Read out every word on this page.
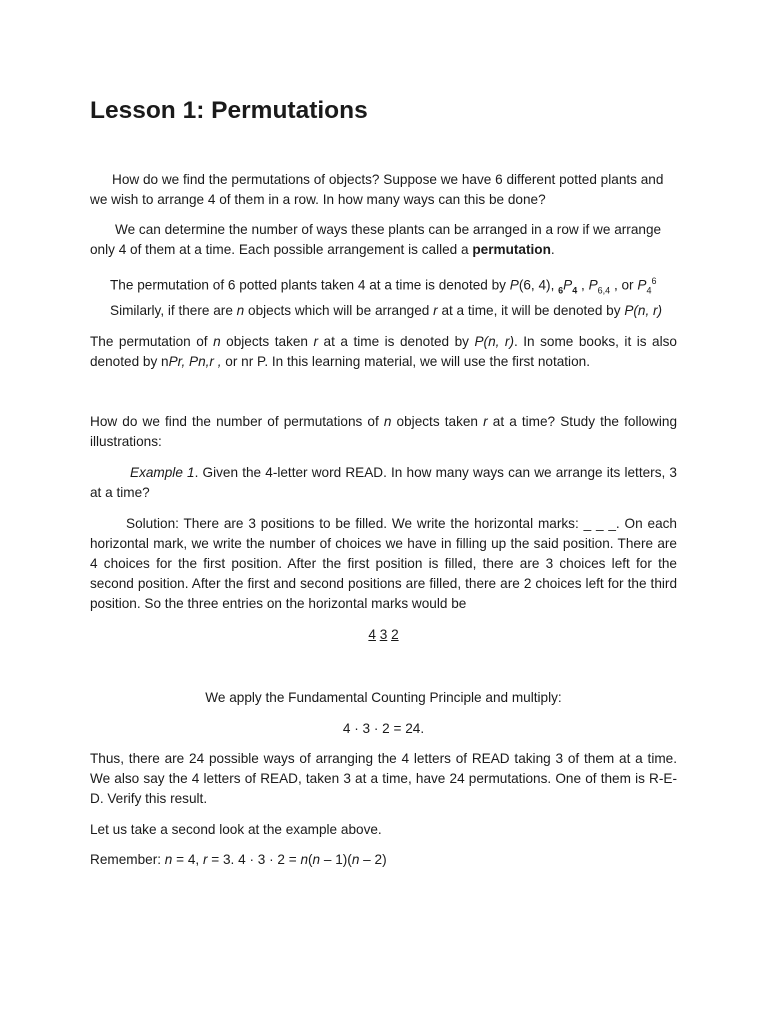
Lesson 1: Permutations

How do we find the permutations of objects? Suppose we have 6 different potted plants and we wish to arrange 4 of them in a row. In how many ways can this be done?

We can determine the number of ways these plants can be arranged in a row if we arrange only 4 of them at a time. Each possible arrangement is called a permutation.

The permutation of 6 potted plants taken 4 at a time is denoted by P(6, 4), $_6P_4$ , $P_{6,4}$ , or $P_4^6$

Similarly, if there are n objects which will be arranged r at a time, it will be denoted by P(n, r)

The permutation of n objects taken r at a time is denoted by P(n, r). In some books, it is also denoted by nPr, Pn,r , or nr P. In this learning material, we will use the first notation.

How do we find the number of permutations of n objects taken r at a time? Study the following illustrations:

Example 1. Given the 4-letter word READ. In how many ways can we arrange its letters, 3 at a time?

Solution: There are 3 positions to be filled. We write the horizontal marks: _ _ _. On each horizontal mark, we write the number of choices we have in filling up the said position. There are 4 choices for the first position. After the first position is filled, there are 3 choices left for the second position. After the first and second positions are filled, there are 2 choices left for the third position. So the three entries on the horizontal marks would be

4 3 2

We apply the Fundamental Counting Principle and multiply:

4 · 3 · 2 = 24.

Thus, there are 24 possible ways of arranging the 4 letters of READ taking 3 of them at a time. We also say the 4 letters of READ, taken 3 at a time, have 24 permutations. One of them is R-E-D. Verify this result.

Let us take a second look at the example above.

Remember: n = 4, r = 3. 4 · 3 · 2 = n(n – 1)(n – 2)
